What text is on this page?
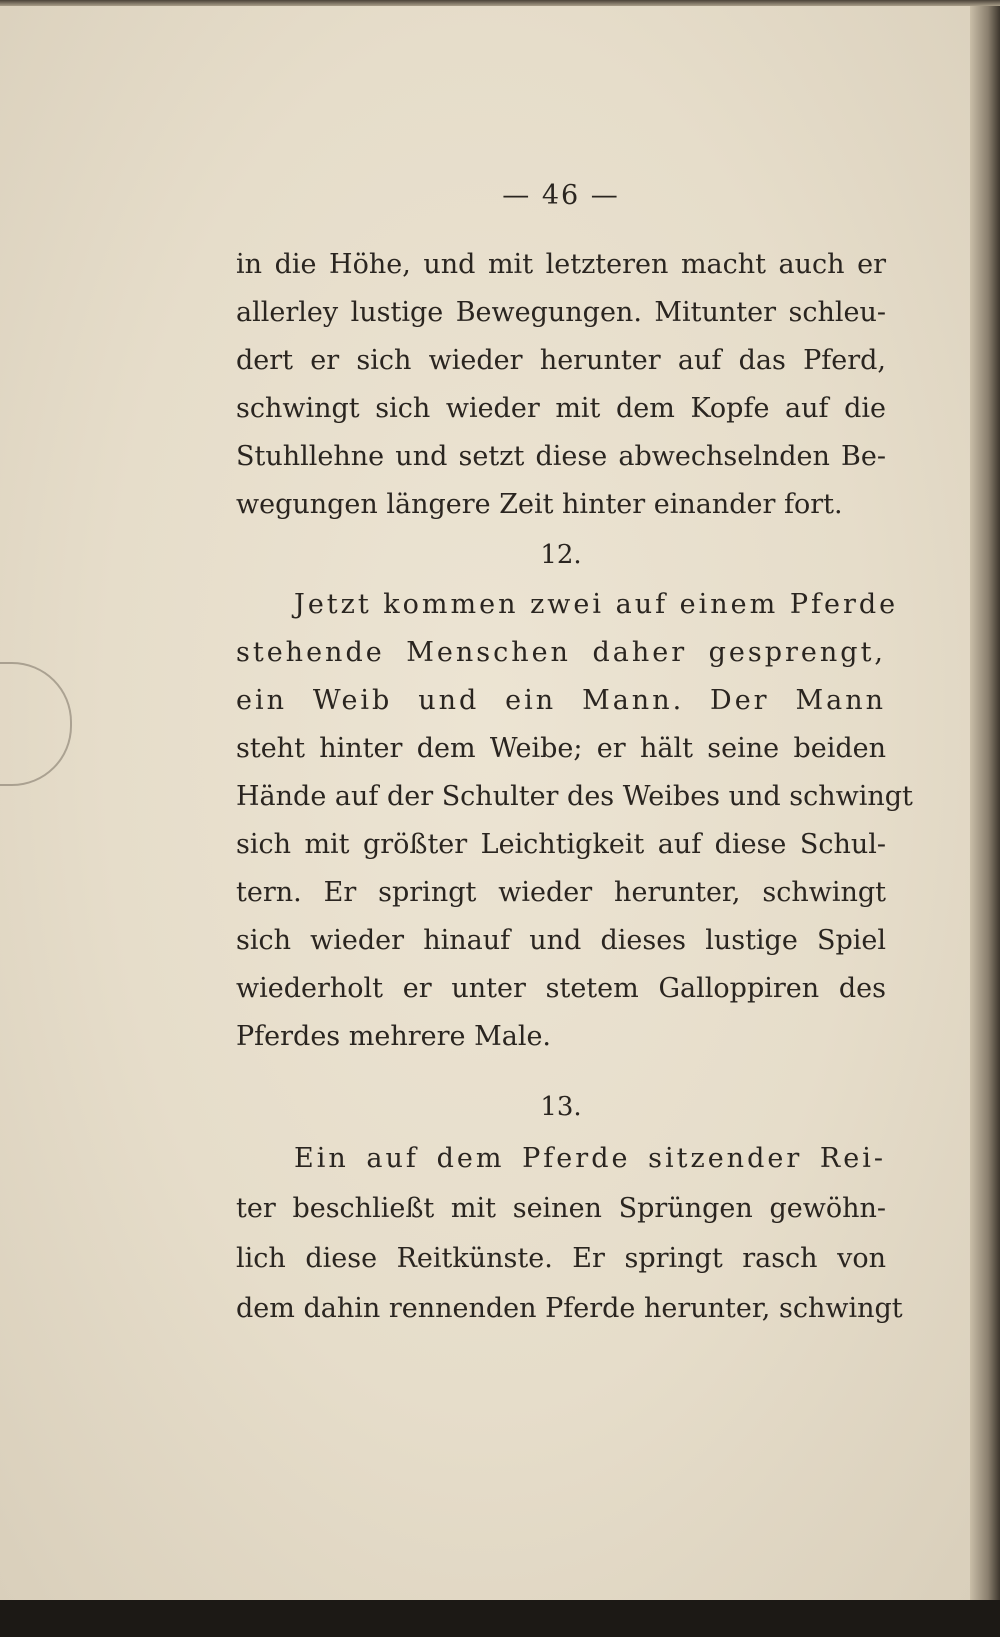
— 46 —
in die Höhe, und mit letzteren macht auch er
allerley lustige Bewegungen. Mitunter schleu-
dert er sich wieder herunter auf das Pferd,
schwingt sich wieder mit dem Kopfe auf die
Stuhllehne und setzt diese abwechselnden Be-
wegungen längere Zeit hinter einander fort.
12.
Jetzt kommen zwei auf einem Pferde
stehende Menschen daher gesprengt,
ein Weib und ein Mann. Der Mann
steht hinter dem Weibe; er hält seine beiden
Hände auf der Schulter des Weibes und schwingt
sich mit größter Leichtigkeit auf diese Schul-
tern. Er springt wieder herunter, schwingt
sich wieder hinauf und dieses lustige Spiel
wiederholt er unter stetem Galloppiren des
Pferdes mehrere Male.
13.
Ein auf dem Pferde sitzender Rei-
ter beschließt mit seinen Sprüngen gewöhn-
lich diese Reitkünste. Er springt rasch von
dem dahin rennenden Pferde herunter, schwingt
